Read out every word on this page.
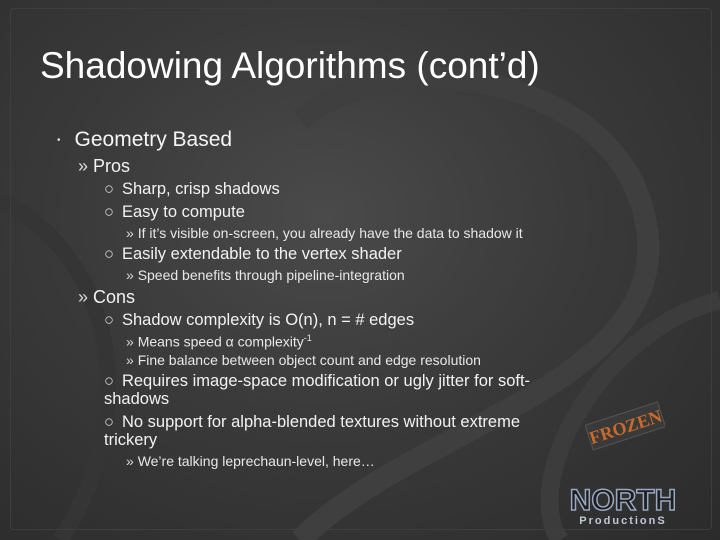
Shadowing Algorithms (cont’d)
• Geometry Based
» Pros
○ Sharp, crisp shadows
○ Easy to compute
» If it’s visible on-screen, you already have the data to shadow it
○ Easily extendable to the vertex shader
» Speed benefits through pipeline-integration
» Cons
○ Shadow complexity is O(n), n = # edges
» Means speed α complexity$^{-1}$
» Fine balance between object count and edge resolution
○ Requires image-space modification or ugly jitter for soft-shadows
○ No support for alpha-blended textures without extreme trickery
» We’re talking leprechaun-level, here…
FROZEN
NORTH
ProductionS
